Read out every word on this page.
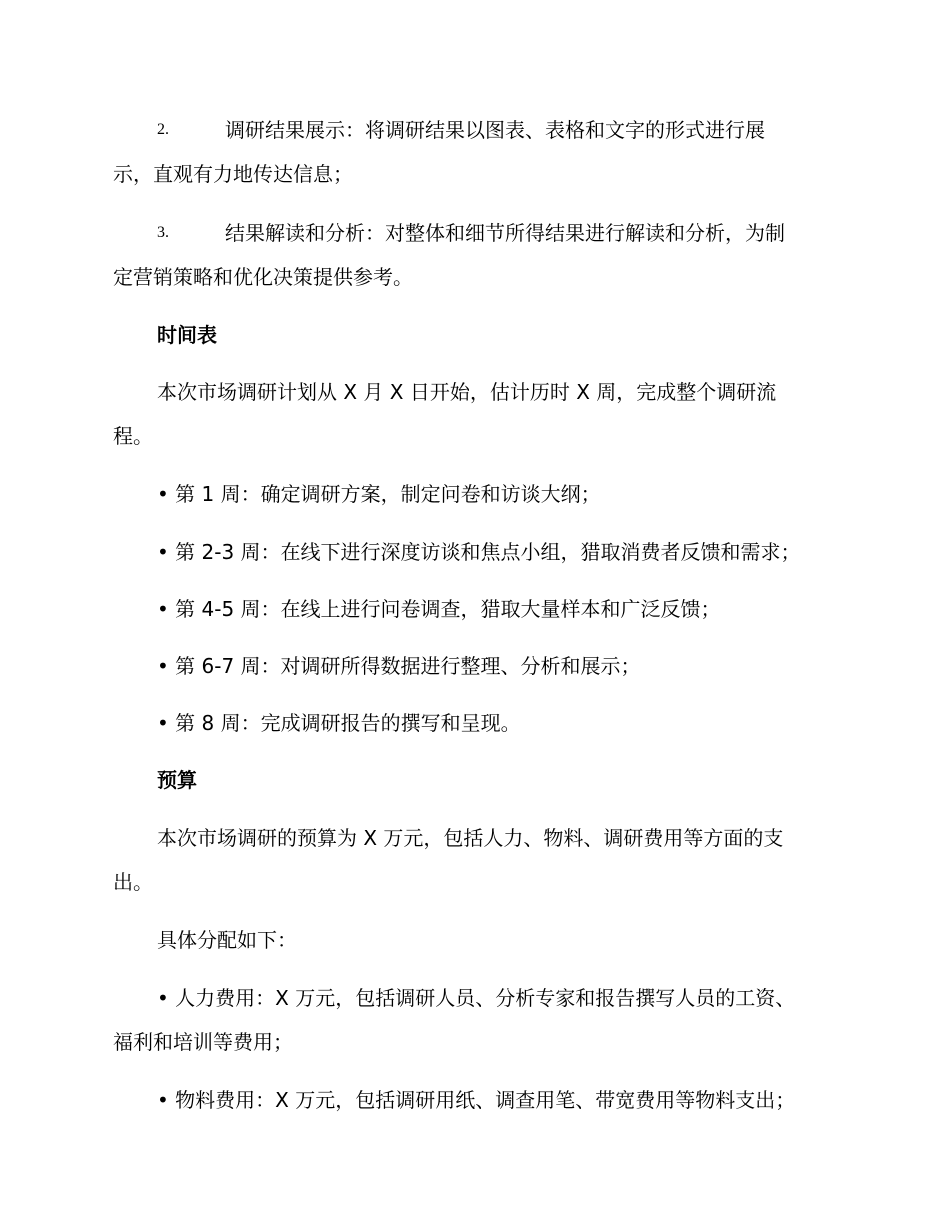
2.	调研结果展示：将调研结果以图表、表格和文字的形式进行展
示，直观有力地传达信息；
3.	结果解读和分析：对整体和细节所得结果进行解读和分析，为制
定营销策略和优化决策提供参考。
时间表
本次市场调研计划从 X 月 X 日开始，估计历时 X 周，完成整个调研流
程。
• 第 1 周：确定调研方案，制定问卷和访谈大纲；
• 第 2-3 周：在线下进行深度访谈和焦点小组，猎取消费者反馈和需求；
• 第 4-5 周：在线上进行问卷调查，猎取大量样本和广泛反馈；
• 第 6-7 周：对调研所得数据进行整理、分析和展示；
• 第 8 周：完成调研报告的撰写和呈现。
预算
本次市场调研的预算为 X 万元，包括人力、物料、调研费用等方面的支
出。
具体分配如下：
• 人力费用：X 万元，包括调研人员、分析专家和报告撰写人员的工资、
福利和培训等费用；
• 物料费用：X 万元，包括调研用纸、调查用笔、带宽费用等物料支出；
